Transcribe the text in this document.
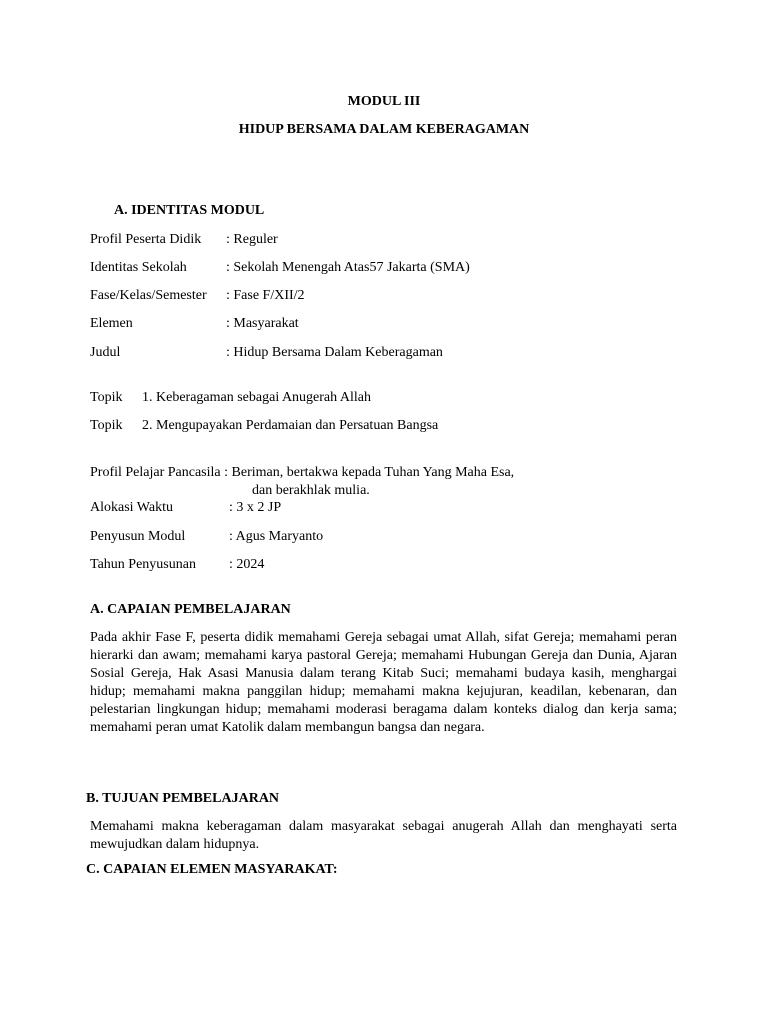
MODUL III
HIDUP BERSAMA DALAM KEBERAGAMAN
A. IDENTITAS MODUL
Profil Peserta Didik : Reguler
Identitas Sekolah	: Sekolah Menengah Atas57 Jakarta (SMA)
Fase/Kelas/Semester : Fase F/XII/2
Elemen	: Masyarakat
Judul	: Hidup Bersama Dalam Keberagaman
Topik 1. Keberagaman sebagai Anugerah Allah
Topik 2. Mengupayakan Perdamaian dan Persatuan Bangsa
Profil Pelajar Pancasila : Beriman, bertakwa kepada Tuhan Yang Maha Esa,
dan berakhlak mulia.
Alokasi Waktu	: 3 x 2 JP
Penyusun Modul	: Agus Maryanto
Tahun Penyusunan : 2024
A. CAPAIAN PEMBELAJARAN
Pada akhir Fase F, peserta didik memahami Gereja sebagai umat Allah, sifat Gereja; memahami peran hierarki dan awam; memahami karya pastoral Gereja; memahami Hubungan Gereja dan Dunia, Ajaran Sosial Gereja, Hak Asasi Manusia dalam terang Kitab Suci; memahami budaya kasih, menghargai hidup; memahami makna panggilan hidup; memahami makna kejujuran, keadilan, kebenaran, dan pelestarian lingkungan hidup; memahami moderasi beragama dalam konteks dialog dan kerja sama; memahami peran umat Katolik dalam membangun bangsa dan negara.
B. TUJUAN PEMBELAJARAN
Memahami makna keberagaman dalam masyarakat sebagai anugerah Allah dan menghayati serta mewujudkan dalam hidupnya.
C. CAPAIAN ELEMEN MASYARAKAT:
